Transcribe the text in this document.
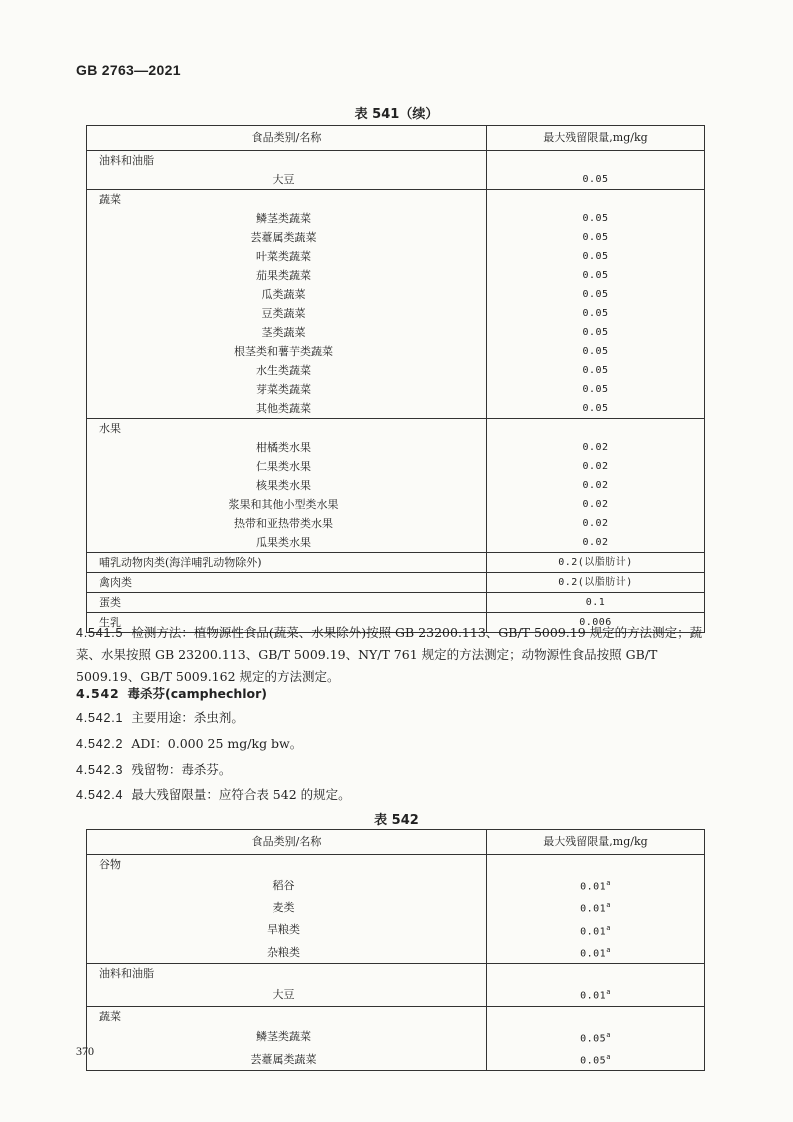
GB 2763—2021
表 541（续）
食品类别/名称	最大残留限量,mg/kg
油料和油脂	
大豆	0.05
蔬菜	
鳞茎类蔬菜	0.05
芸薹属类蔬菜	0.05
叶菜类蔬菜	0.05
茄果类蔬菜	0.05
瓜类蔬菜	0.05
豆类蔬菜	0.05
茎类蔬菜	0.05
根茎类和薯芋类蔬菜	0.05
水生类蔬菜	0.05
芽菜类蔬菜	0.05
其他类蔬菜	0.05
水果	
柑橘类水果	0.02
仁果类水果	0.02
核果类水果	0.02
浆果和其他小型类水果	0.02
热带和亚热带类水果	0.02
瓜果类水果	0.02
哺乳动物肉类(海洋哺乳动物除外)	0.2(以脂肪计)
禽肉类	0.2(以脂肪计)
蛋类	0.1
生乳	0.006
4.541.5 检测方法：植物源性食品(蔬菜、水果除外)按照 GB 23200.113、GB/T 5009.19 规定的方法测定；蔬菜、水果按照 GB 23200.113、GB/T 5009.19、NY/T 761 规定的方法测定；动物源性食品按照 GB/T 5009.19、GB/T 5009.162 规定的方法测定。
4.542 毒杀芬(camphechlor)
4.542.1 主要用途：杀虫剂。
4.542.2 ADI：0.000 25 mg/kg bw。
4.542.3 残留物：毒杀芬。
4.542.4 最大残留限量：应符合表 542 的规定。
表 542
食品类别/名称	最大残留限量,mg/kg
谷物	
稻谷	0.01$^a$
麦类	0.01$^a$
旱粮类	0.01$^a$
杂粮类	0.01$^a$
油料和油脂	
大豆	0.01$^a$
蔬菜	
鳞茎类蔬菜	0.05$^a$
芸薹属类蔬菜	0.05$^a$
370
